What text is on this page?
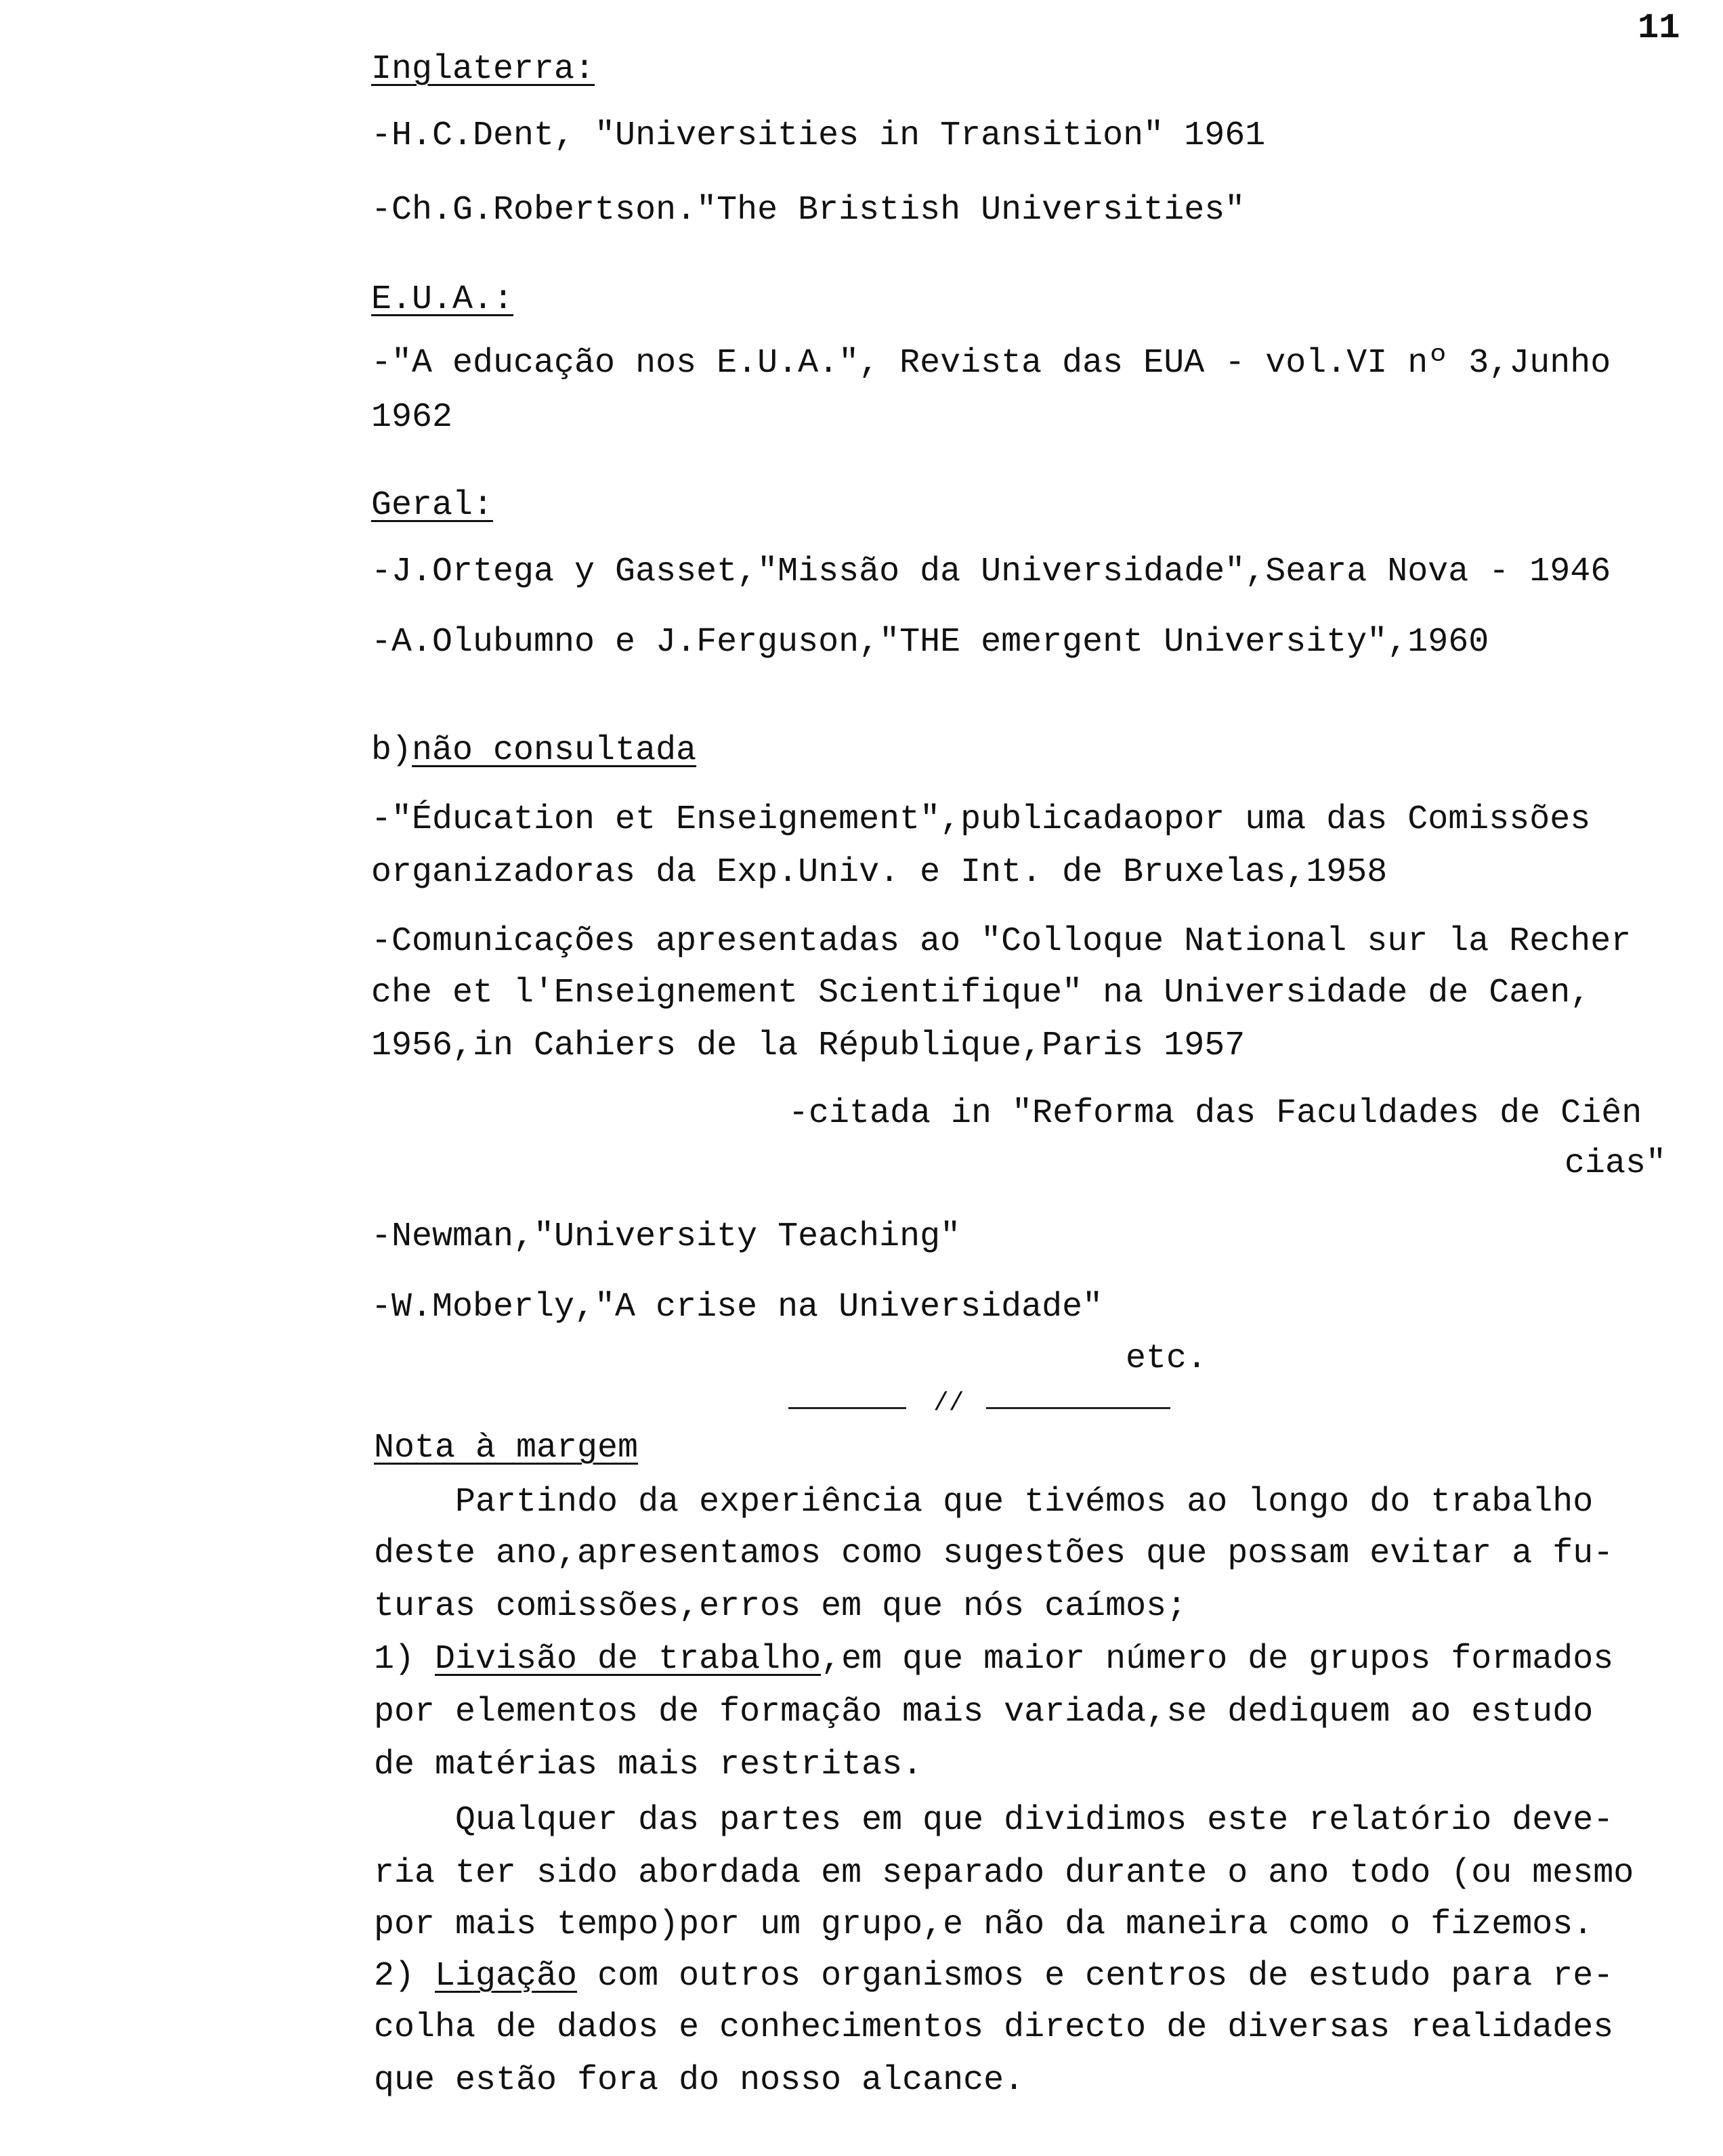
11
Inglaterra:
-H.C.Dent, "Universities in Transition" 1961
-Ch.G.Robertson."The Bristish Universities"
E.U.A.:
-"A educação nos E.U.A.", Revista das EUA - vol.VI nº 3,Junho
1962
Geral:
-J.Ortega y Gasset,"Missão da Universidade",Seara Nova - 1946
-A.Olubumno e J.Ferguson,"THE emergent University",1960
b)não consultada
-"Éducation et Enseignement",publicadaopor uma das Comissões
organizadoras da Exp.Univ. e Int. de Bruxelas,1958
-Comunicações apresentadas ao "Colloque National sur la Recher
che et l'Enseignement Scientifique" na Universidade de Caen,
1956,in Cahiers de la République,Paris 1957
-citada in "Reforma das Faculdades de Ciên
cias"
-Newman,"University Teaching"
-W.Moberly,"A crise na Universidade"
etc.
//
Nota à margem
Partindo da experiência que tivémos ao longo do trabalho
deste ano,apresentamos como sugestões que possam evitar a fu-
turas comissões,erros em que nós caímos;
1) Divisão de trabalho,em que maior número de grupos formados
por elementos de formação mais variada,se dediquem ao estudo
de matérias mais restritas.
Qualquer das partes em que dividimos este relatório deve-
ria ter sido abordada em separado durante o ano todo (ou mesmo
por mais tempo)por um grupo,e não da maneira como o fizemos.
2) Ligação com outros organismos e centros de estudo para re-
colha de dados e conhecimentos directo de diversas realidades
que estão fora do nosso alcance.
